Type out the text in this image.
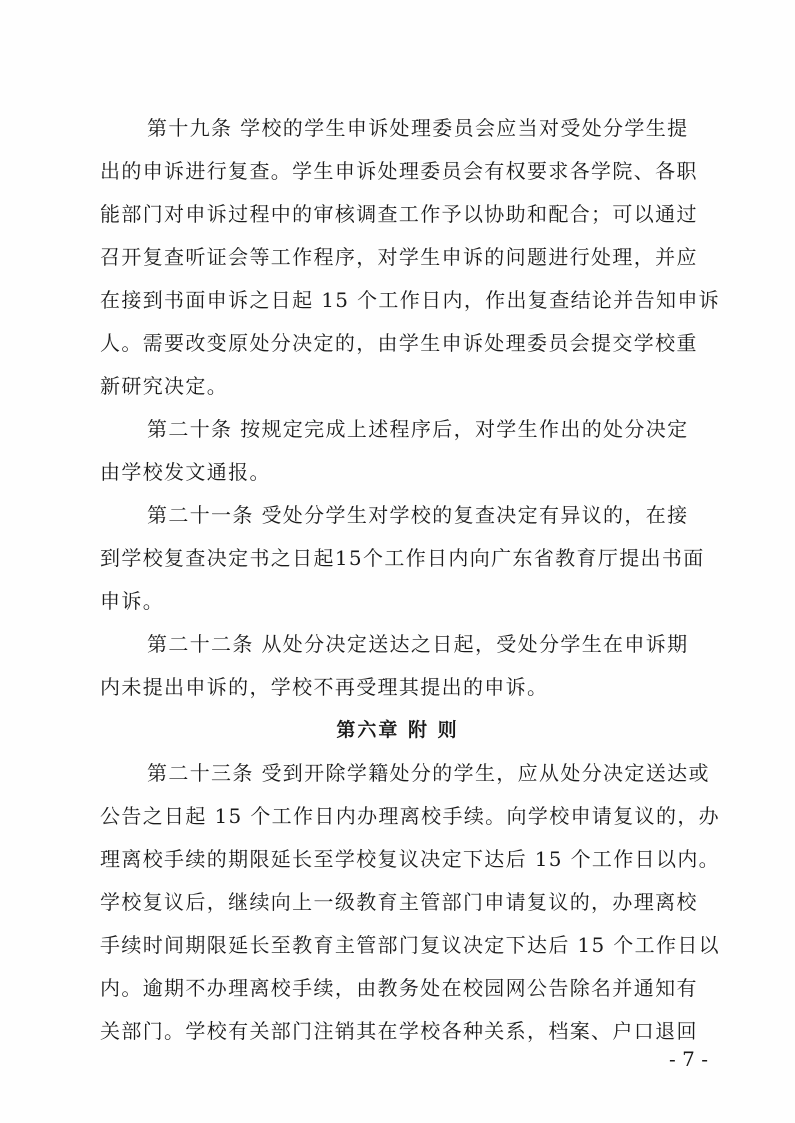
第十九条 学校的学生申诉处理委员会应当对受处分学生提
出的申诉进行复查。学生申诉处理委员会有权要求各学院、各职
能部门对申诉过程中的审核调查工作予以协助和配合；可以通过
召开复查听证会等工作程序，对学生申诉的问题进行处理，并应
在接到书面申诉之日起 15 个工作日内，作出复查结论并告知申诉
人。需要改变原处分决定的，由学生申诉处理委员会提交学校重
新研究决定。
第二十条 按规定完成上述程序后，对学生作出的处分决定
由学校发文通报。
第二十一条 受处分学生对学校的复查决定有异议的，在接
到学校复查决定书之日起15个工作日内向广东省教育厅提出书面
申诉。
第二十二条 从处分决定送达之日起，受处分学生在申诉期
内未提出申诉的，学校不再受理其提出的申诉。
第六章 附 则
第二十三条 受到开除学籍处分的学生，应从处分决定送达或
公告之日起 15 个工作日内办理离校手续。向学校申请复议的，办
理离校手续的期限延长至学校复议决定下达后 15 个工作日以内。
学校复议后，继续向上一级教育主管部门申请复议的，办理离校
手续时间期限延长至教育主管部门复议决定下达后 15 个工作日以
内。逾期不办理离校手续，由教务处在校园网公告除名并通知有
关部门。学校有关部门注销其在学校各种关系，档案、户口退回
- 7 -
